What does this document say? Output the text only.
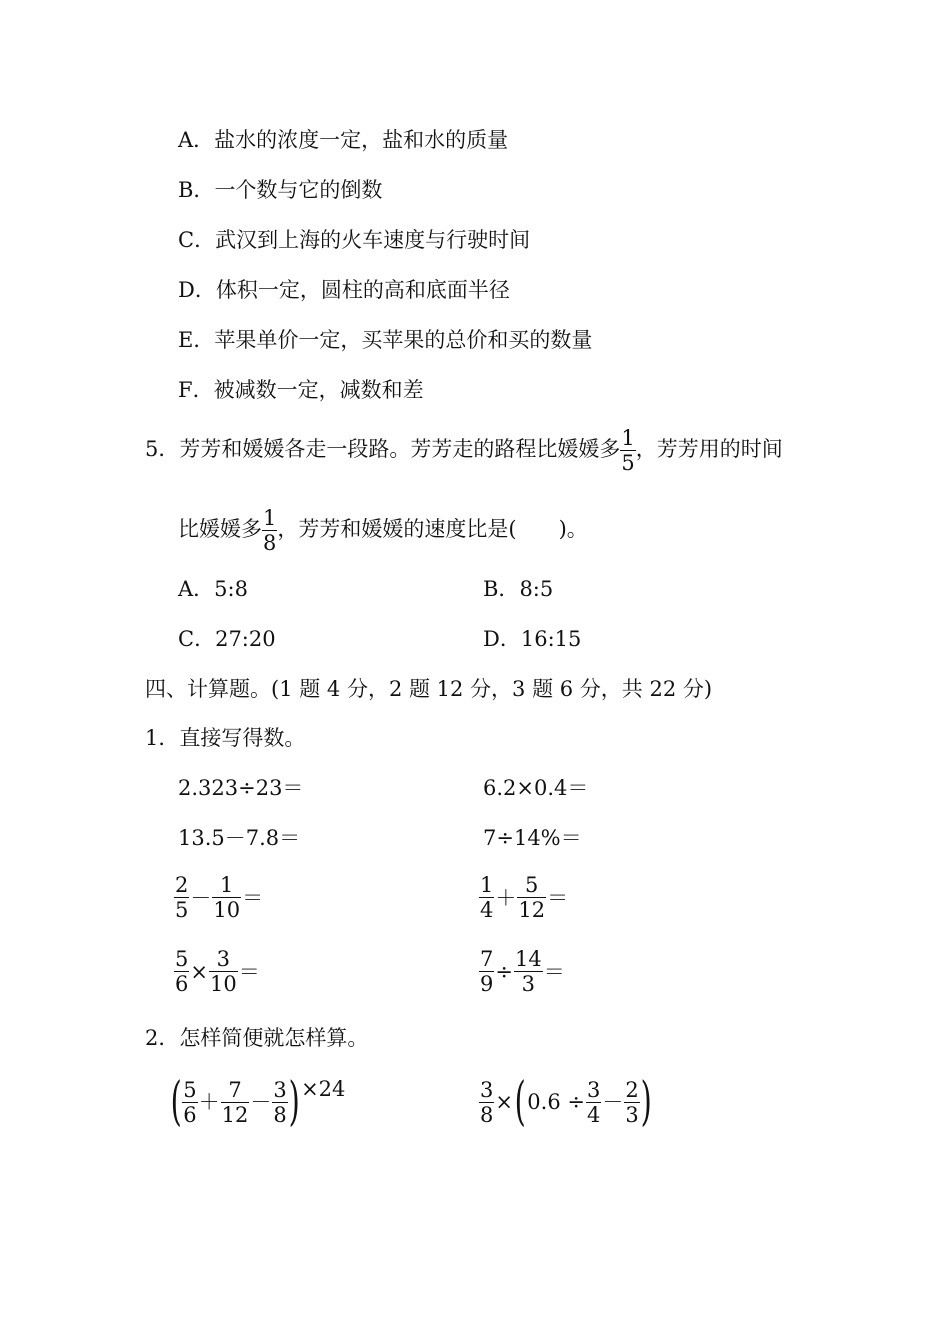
A．盐水的浓度一定，盐和水的质量
B．一个数与它的倒数
C．武汉到上海的火车速度与行驶时间
D．体积一定，圆柱的高和底面半径
E．苹果单价一定，买苹果的总价和买的数量
F．被减数一定，减数和差
5．芳芳和媛媛各走一段路。芳芳走的路程比媛媛多 $\frac{1}{5}$ ，芳芳用的时间
比媛媛多 $\frac{1}{8}$ ，芳芳和媛媛的速度比是( )。
A．5:8	B．8:5
C．27:20	D．16:15
四、计算题。(1 题 4 分，2 题 12 分，3 题 6 分，共 22 分)
1．直接写得数。
2.323÷23＝	6.2×0.4＝
13.5－7.8＝	7÷14%＝
$\frac{2}{5} - \frac{1}{10}$ ＝	$\frac{1}{4} + \frac{5}{12}$ ＝
$\frac{5}{6} \times \frac{3}{10}$ ＝	$\frac{7}{9} \div \frac{14}{3}$ ＝
2．怎样简便就怎样算。
( $\frac{5}{6} + \frac{7}{12} - \frac{3}{8} )\times 24$	$\frac{3}{8} \times(0.6 \div \frac{3}{4} - \frac{2}{3}$ )
